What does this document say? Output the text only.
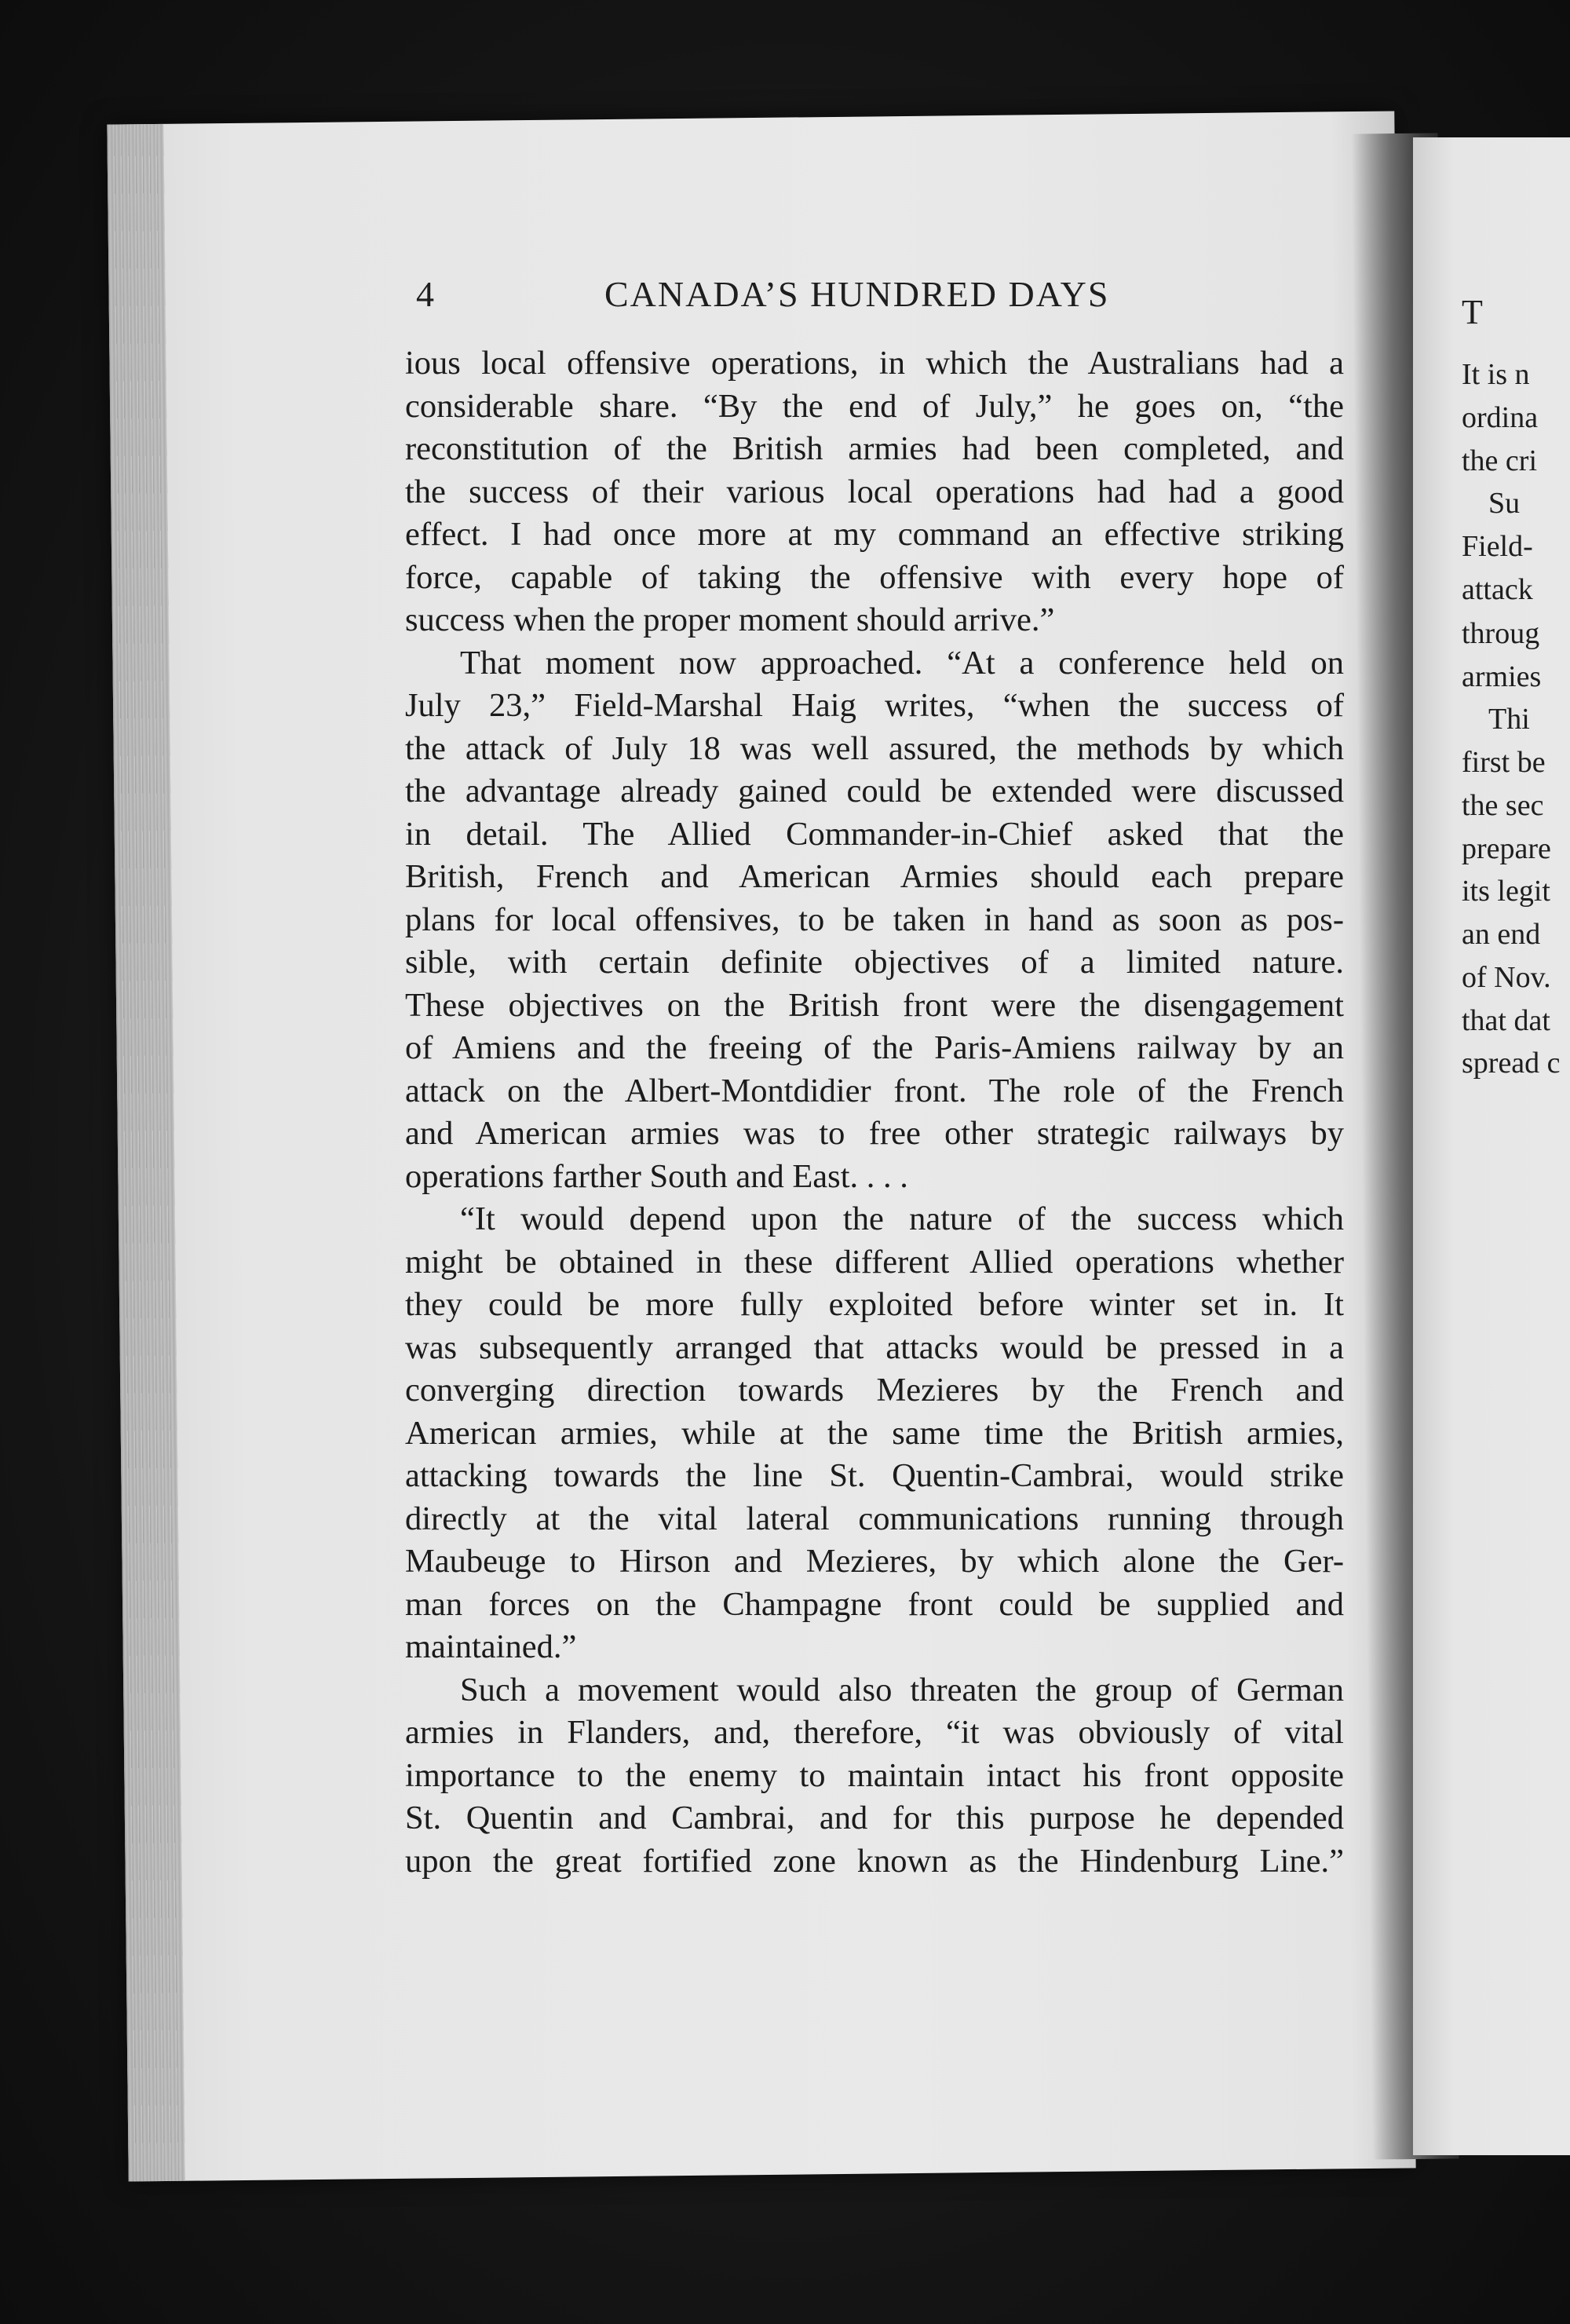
4	CANADA’S HUNDRED DAYS
ious local offensive operations, in which the Australians had a
considerable share. “By the end of July,” he goes on, “the
reconstitution of the British armies had been completed, and
the success of their various local operations had had a good
effect. I had once more at my command an effective striking
force, capable of taking the offensive with every hope of
success when the proper moment should arrive.”
That moment now approached. “At a conference held on
July 23,” Field-Marshal Haig writes, “when the success of
the attack of July 18 was well assured, the methods by which
the advantage already gained could be extended were discussed
in detail. The Allied Commander-in-Chief asked that the
British, French and American Armies should each prepare
plans for local offensives, to be taken in hand as soon as pos-
sible, with certain definite objectives of a limited nature.
These objectives on the British front were the disengagement
of Amiens and the freeing of the Paris-Amiens railway by an
attack on the Albert-Montdidier front. The role of the French
and American armies was to free other strategic railways by
operations farther South and East. . . .
“It would depend upon the nature of the success which
might be obtained in these different Allied operations whether
they could be more fully exploited before winter set in. It
was subsequently arranged that attacks would be pressed in a
converging direction towards Mezieres by the French and
American armies, while at the same time the British armies,
attacking towards the line St. Quentin-Cambrai, would strike
directly at the vital lateral communications running through
Maubeuge to Hirson and Mezieres, by which alone the Ger-
man forces on the Champagne front could be supplied and
maintained.”
Such a movement would also threaten the group of German
armies in Flanders, and, therefore, “it was obviously of vital
importance to the enemy to maintain intact his front opposite
St. Quentin and Cambrai, and for this purpose he depended
upon the great fortified zone known as the Hindenburg Line.”
T
It is n
ordina
the cri
Su
Field-
attack
throug
armies
Thi
first be
the sec
prepare
its legit
an end
of Nov.
that dat
spread c
